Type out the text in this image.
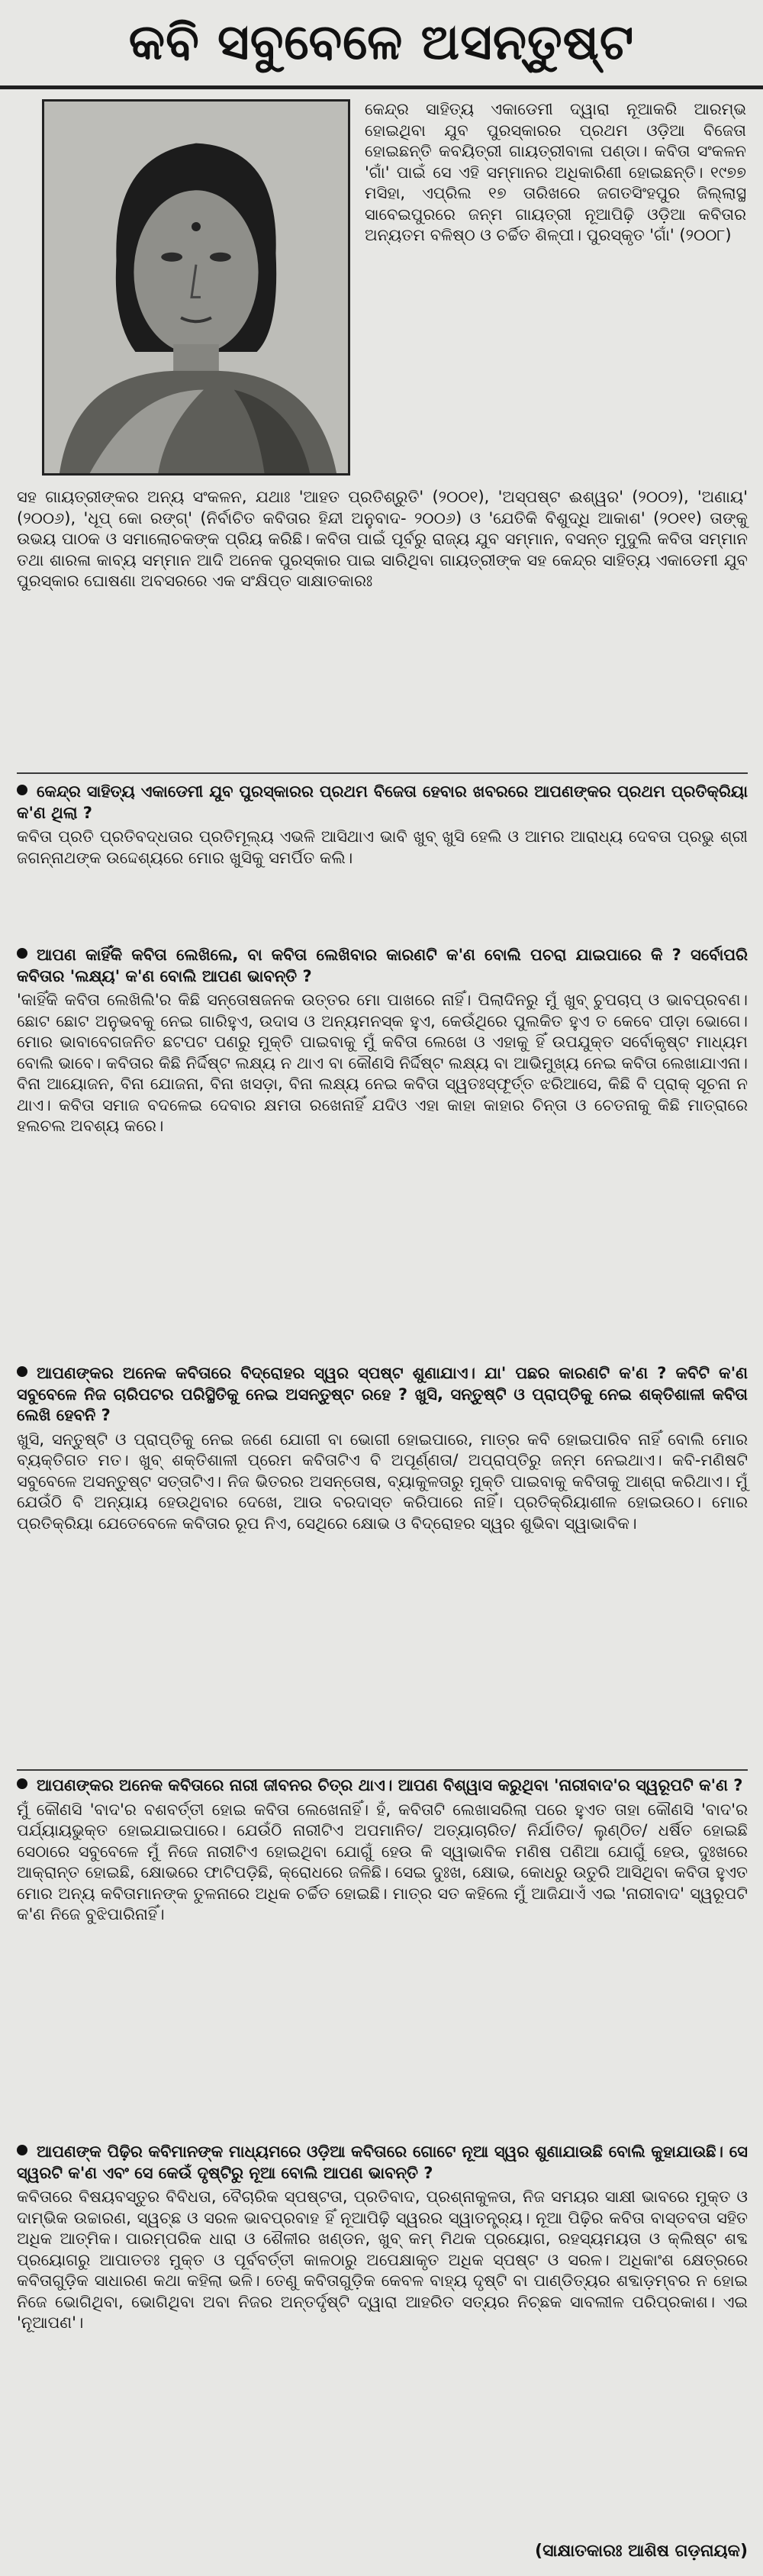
କବି ସବୁବେଳେ ଅସନ୍ତୁଷ୍ଟ
କେନ୍ଦ୍ର ସାହିତ୍ୟ ଏକାଡେମୀ ଦ୍ୱାରା ନୂଆକରି ଆରମ୍ଭ ହୋଇଥିବା ଯୁବ ପୁରସ୍କାରର ପ୍ରଥମ ଓଡ଼ିଆ ବିଜେତା ହୋଇଛନ୍ତି କବୟିତ୍ରୀ ଗାୟତ୍ରୀବାଳା ପଣ୍ଡା। କବିତା ସଂକଳନ 'ଗାଁ' ପାଇଁ ସେ ଏହି ସମ୍ମାନର ଅଧିକାରିଣୀ ହୋଇଛନ୍ତି। ୧୯୭୭ ମସିହା, ଏପ୍ରିଲ ୧୭ ତାରିଖରେ ଜଗତସିଂହପୁର ଜିଲ୍ଲାସ୍ଥ ସାବେଇପୁରରେ ଜନ୍ମ ଗାୟତ୍ରୀ ନୂଆପିଢ଼ି ଓଡ଼ିଆ କବିତାର ଅନ୍ୟତମ ବଳିଷ୍ଠ ଓ ଚର୍ଚ୍ଚିତ ଶିଳ୍ପୀ। ପୁରସ୍କୃତ 'ଗାଁ' (୨୦୦୮)
ସହ ଗାୟତ୍ରୀଙ୍କର ଅନ୍ୟ ସଂକଳନ, ଯଥାଃ 'ଆହତ ପ୍ରତିଶ୍ରୁତି' (୨୦୦୧), 'ଅସ୍ପଷ୍ଟ ଈଶ୍ୱର' (୨୦୦୨), 'ଅଣାୟ' (୨୦୦୬), 'ଧୂପ୍ କୋ ରଙ୍ଗ୍' (ନିର୍ବାଚିତ କବିତାର ହିନ୍ଦୀ ଅନୁବାଦ- ୨୦୦୬) ଓ 'ଯେତିକି ବିଶୁଦ୍ଧି ଆକାଶ' (୨୦୧୧) ତାଙ୍କୁ ଉଭୟ ପାଠକ ଓ ସମାଲୋଚକଙ୍କ ପ୍ରିୟ କରିଛି। କବିତା ପାଇଁ ପୂର୍ବରୁ ରାଜ୍ୟ ଯୁବ ସମ୍ମାନ, ବସନ୍ତ ମୁଦୁଲି କବିତା ସମ୍ମାନ ତଥା ଶାରଳା କାବ୍ୟ ସମ୍ମାନ ଆଦି ଅନେକ ପୁରସ୍କାର ପାଇ ସାରିଥିବା ଗାୟତ୍ରୀଙ୍କ ସହ କେନ୍ଦ୍ର ସାହିତ୍ୟ ଏକାଡେମୀ ଯୁବ ପୁରସ୍କାର ଘୋଷଣା ଅବସରରେ ଏକ ସଂକ୍ଷିପ୍ତ ସାକ୍ଷାତକାରଃ
କେନ୍ଦ୍ର ସାହିତ୍ୟ ଏକାଡେମୀ ଯୁବ ପୁରସ୍କାରର ପ୍ରଥମ ବିଜେତା ହେବାର ଖବରରେ ଆପଣଙ୍କର ପ୍ରଥମ ପ୍ରତିକ୍ରିୟା କ'ଣ ଥିଲା ?
କବିତା ପ୍ରତି ପ୍ରତିବଦ୍ଧତାର ପ୍ରତିମୂଲ୍ୟ ଏଭଳି ଆସିଥାଏ ଭାବି ଖୁବ୍ ଖୁସି ହେଲି ଓ ଆମର ଆରାଧ୍ୟ ଦେବତା ପ୍ରଭୁ ଶ୍ରୀ ଜଗନ୍ନାଥଙ୍କ ଉଦ୍ଦେଶ୍ୟରେ ମୋର ଖୁସିକୁ ସମର୍ପିତ କଲି।
ଆପଣ କାହିଁକି କବିତା ଲେଖିଲେ, ବା କବିତା ଲେଖିବାର କାରଣଟି କ'ଣ ବୋଲି ପଚରା ଯାଇପାରେ କି ? ସର୍ବୋପରି କବିତାର 'ଲକ୍ଷ୍ୟ' କ'ଣ ବୋଲି ଆପଣ ଭାବନ୍ତି ?
'କାହିଁକି କବିତା ଲେଖିଲି'ର କିଛି ସନ୍ତୋଷଜନକ ଉତ୍ତର ମୋ ପାଖରେ ନାହିଁ। ପିଲାଦିନରୁ ମୁଁ ଖୁବ୍ ଚୁପଚାପ୍ ଓ ଭାବପ୍ରବଣ। ଛୋଟ ଛୋଟ ଅନୁଭବକୁ ନେଇ ଗାରିହୁଏ, ଉଦାସ ଓ ଅନ୍ୟମନସ୍କ ହୁଏ, କେଉଁଥିରେ ପୁଲକିତ ହୁଏ ତ କେବେ ପୀଡ଼ା ଭୋଗେ। ମୋର ଭାବାବେଗଜନିତ ଛଟପଟ ପଣରୁ ମୁକ୍ତି ପାଇବାକୁ ମୁଁ କବିତା ଲେଖେ ଓ ଏହାକୁ ହିଁ ଉପଯୁକ୍ତ ସର୍ବୋକୃଷ୍ଟ ମାଧ୍ୟମ ବୋଲି ଭାବେ। କବିତାର କିଛି ନିର୍ଦ୍ଦିଷ୍ଟ ଲକ୍ଷ୍ୟ ନ ଥାଏ ବା କୌଣସି ନିର୍ଦ୍ଦିଷ୍ଟ ଲକ୍ଷ୍ୟ ବା ଆଭିମୁଖ୍ୟ ନେଇ କବିତା ଲେଖାଯାଏନା। ବିନା ଆୟୋଜନ, ବିନା ଯୋଜନା, ବିନା ଖସଡ଼ା, ବିନା ଲକ୍ଷ୍ୟ ନେଇ କବିତା ସ୍ୱତଃସ୍ଫୂର୍ତ୍ତ ଝରିଆସେ, କିଛି ବି ପ୍ରାକ୍ ସୂଚନା ନ ଥାଏ। କବିତା ସମାଜ ବଦଳେଇ ଦେବାର କ୍ଷମତା ରଖେନାହିଁ ଯଦିଓ ଏହା କାହା କାହାର ଚିନ୍ତା ଓ ଚେତନାକୁ କିଛି ମାତ୍ରାରେ ହଲଚଲ ଅବଶ୍ୟ କରେ।
ଆପଣଙ୍କର ଅନେକ କବିତାରେ ବିଦ୍ରୋହର ସ୍ୱର ସ୍ପଷ୍ଟ ଶୁଣାଯାଏ। ଯା' ପଛର କାରଣଟି କ'ଣ ? କବିଟି କ'ଣ ସବୁବେଳେ ନିଜ ଚାରିପଟର ପରିସ୍ଥିତିକୁ ନେଇ ଅସନ୍ତୁଷ୍ଟ ରହେ ? ଖୁସି, ସନ୍ତୁଷ୍ଟି ଓ ପ୍ରାପ୍ତିକୁ ନେଇ ଶକ୍ତିଶାଳୀ କବିତା ଲେଖି ହେବନି ?
ଖୁସି, ସନ୍ତୁଷ୍ଟି ଓ ପ୍ରାପ୍ତିକୁ ନେଇ ଜଣେ ଯୋଗୀ ବା ଭୋଗୀ ହୋଇପାରେ, ମାତ୍ର କବି ହୋଇପାରିବ ନାହିଁ ବୋଲି ମୋର ବ୍ୟକ୍ତିଗତ ମତ। ଖୁବ୍ ଶକ୍ତିଶାଳୀ ପ୍ରେମ କବିତାଟିଏ ବି ଅପୂର୍ଣ୍ଣତା/ ଅପ୍ରାପ୍ତିରୁ ଜନ୍ମ ନେଇଥାଏ। କବି-ମଣିଷଟି ସବୁବେଳେ ଅସନ୍ତୁଷ୍ଟ ସତ୍ତାଟିଏ। ନିଜ ଭିତରର ଅସନ୍ତୋଷ, ବ୍ୟାକୁଳତାରୁ ମୁକ୍ତି ପାଇବାକୁ କବିତାକୁ ଆଶ୍ରା କରିଥାଏ। ମୁଁ ଯେଉଁଠି ବି ଅନ୍ୟାୟ ହେଉଥିବାର ଦେଖେ, ଆଉ ବରଦାସ୍ତ କରିପାରେ ନାହିଁ। ପ୍ରତିକ୍ରିୟାଶୀଳ ହୋଇଉଠେ। ମୋର ପ୍ରତିକ୍ରିୟା ଯେତେବେଳେ କବିତାର ରୂପ ନିଏ, ସେଥିରେ କ୍ଷୋଭ ଓ ବିଦ୍ରୋହର ସ୍ୱର ଶୁଭିବା ସ୍ୱାଭାବିକ।
ଆପଣଙ୍କର ଅନେକ କବିତାରେ ନାରୀ ଜୀବନର ଚିତ୍ର ଥାଏ। ଆପଣ ବିଶ୍ୱାସ କରୁଥିବା 'ନାରୀବାଦ'ର ସ୍ୱରୂପଟି କ'ଣ ?
ମୁଁ କୌଣସି 'ବାଦ'ର ବଶବର୍ତ୍ତୀ ହୋଇ କବିତା ଲେଖେନାହିଁ। ହଁ, କବିତାଟି ଲେଖାସରିଲା ପରେ ହୁଏତ ତାହା କୌଣସି 'ବାଦ'ର ପର୍ଯ୍ୟାୟଭୁକ୍ତ ହୋଇଯାଇପାରେ। ଯେଉଁଠି ନାରୀଟିଏ ଅପମାନିତ/ ଅତ୍ୟାଚାରିତ/ ନିର୍ଯାତିତ/ ଲୁଣ୍ଠିତ/ ଧର୍ଷିତ ହୋଇଛି ସେଠାରେ ସବୁବେଳେ ମୁଁ ନିଜେ ନାରୀଟିଏ ହୋଇଥିବା ଯୋଗୁଁ ହେଉ କି ସ୍ୱାଭାବିକ ମଣିଷ ପଣିଆ ଯୋଗୁଁ ହେଉ, ଦୁଃଖରେ ଆକ୍ରାନ୍ତ ହୋଇଛି, କ୍ଷୋଭରେ ଫାଟିପଡ଼ିଛି, କ୍ରୋଧରେ ଜଳିଛି। ସେଇ ଦୁଃଖ, କ୍ଷୋଭ, କୋଧରୁ ଉତୁରି ଆସିଥିବା କବିତା ହୁଏତ ମୋର ଅନ୍ୟ କବିତାମାନଙ୍କ ତୁଳନାରେ ଅଧିକ ଚର୍ଚ୍ଚିତ ହୋଇଛି। ମାତ୍ର ସତ କହିଲେ ମୁଁ ଆଜିଯାଏଁ ଏଇ 'ନାରୀବାଦ' ସ୍ୱରୂପଟି କ'ଣ ନିଜେ ବୁଝିପାରିନାହିଁ।
ଆପଣଙ୍କ ପିଢ଼ିର କବିମାନଙ୍କ ମାଧ୍ୟମରେ ଓଡ଼ିଆ କବିତାରେ ଗୋଟେ ନୂଆ ସ୍ୱର ଶୁଣାଯାଉଛି ବୋଲି କୁହାଯାଉଛି। ସେ ସ୍ୱରଟି କ'ଣ ଏବଂ ସେ କେଉଁ ଦୃଷ୍ଟିରୁ ନୂଆ ବୋଲି ଆପଣ ଭାବନ୍ତି ?
କବିତାରେ ବିଷୟବସ୍ତୁର ବିବିଧତା, ବୈଚାରିକ ସ୍ପଷ୍ଟତା, ପ୍ରତିବାଦ, ପ୍ରଶ୍ନାକୁଳତା, ନିଜ ସମୟର ସାକ୍ଷୀ ଭାବରେ ମୁକ୍ତ ଓ ଦାମ୍ଭିକ ଉଚ୍ଚାରଣ, ସ୍ୱଚ୍ଛ ଓ ସରଳ ଭାବପ୍ରବାହ ହିଁ ନୂଆପିଢ଼ି ସ୍ୱରର ସ୍ୱାତନ୍ତ୍ର୍ୟ। ନୂଆ ପିଢ଼ିର କବିତା ବାସ୍ତବତା ସହିତ ଅଧିକ ଆତ୍ମିକ। ପାରମ୍ପରିକ ଧାରା ଓ ଶୈଳୀର ଖଣ୍ଡନ, ଖୁବ୍ କମ୍ ମିଥକ ପ୍ରୟୋଗ, ରହସ୍ୟମୟତା ଓ କ୍ଲିଷ୍ଟ ଶବ୍ଦ ପ୍ରୟୋଗରୁ ଆପାତତଃ ମୁକ୍ତ ଓ ପୂର୍ବବର୍ତ୍ତୀ କାଳଠାରୁ ଅପେକ୍ଷାକୃତ ଅଧିକ ସ୍ପଷ୍ଟ ଓ ସରଳ। ଅଧିକାଂଶ କ୍ଷେତ୍ରରେ କବିତାଗୁଡ଼ିକ ସାଧାରଣ କଥା କହିଲା ଭଳି। ତେଣୁ କବିତାଗୁଡ଼ିକ କେବଳ ବାହ୍ୟ ଦୃଷ୍ଟି ବା ପାଣ୍ଡିତ୍ୟର ଶବ୍ଦାଡ଼ମ୍ବର ନ ହୋଇ ନିଜେ ଭୋଗିଥିବା, ଭୋଗିଥିବା ଅବା ନିଜର ଅନ୍ତର୍ଦୃଷ୍ଟି ଦ୍ୱାରା ଆହରିତ ସତ୍ୟର ନିଚ୍ଛକ ସାବଲୀଳ ପରିପ୍ରକାଶ। ଏଇ 'ନୂଆପଣ'।
(ସାକ୍ଷାତକାରଃ ଆଶିଷ ଗଡ଼ନାୟକ)
